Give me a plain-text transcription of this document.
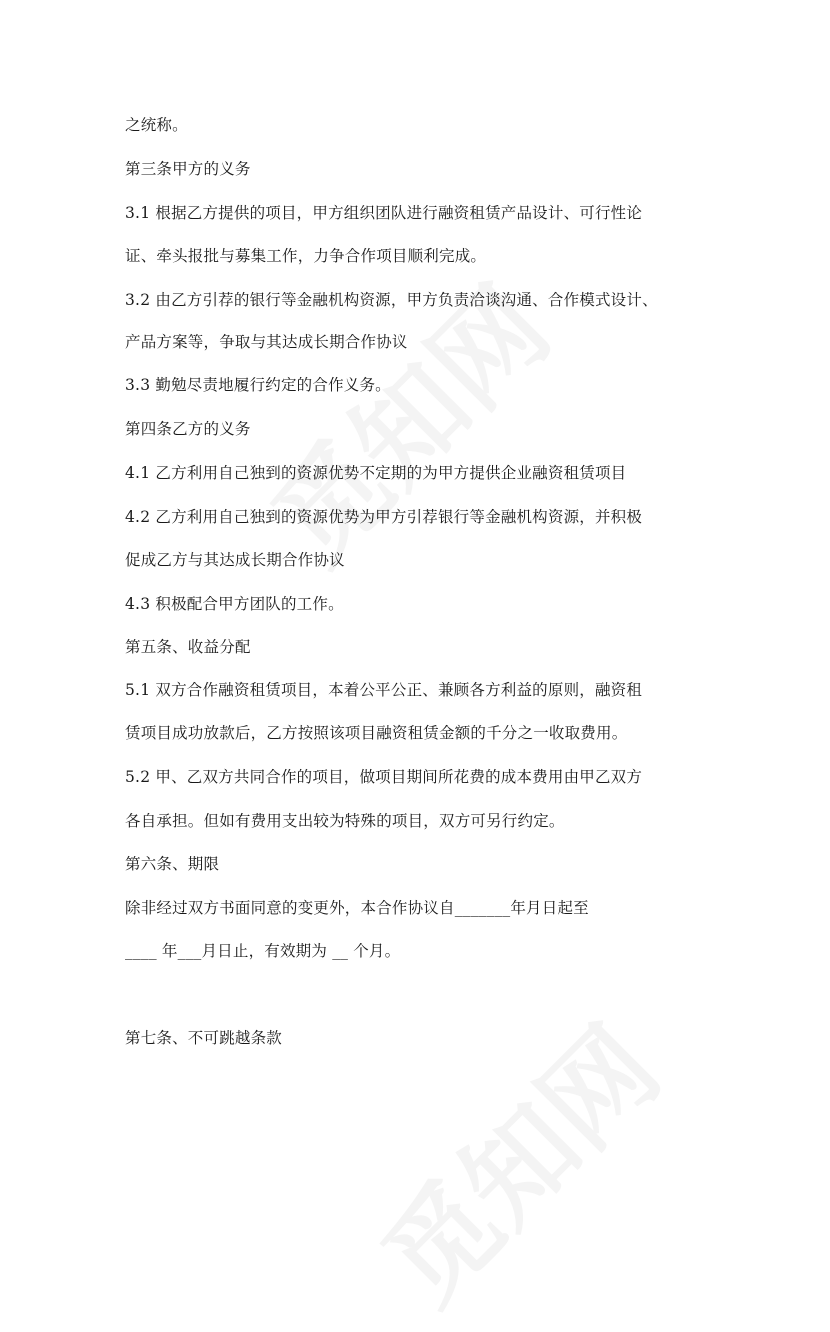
之统称。
第三条甲方的义务
3.1 根据乙方提供的项目，甲方组织团队进行融资租赁产品设计、可行性论
证、牵头报批与募集工作，力争合作项目顺利完成。
3.2 由乙方引荐的银行等金融机构资源，甲方负责洽谈沟通、合作模式设计、
产品方案等，争取与其达成长期合作协议
3.3 勤勉尽责地履行约定的合作义务。
第四条乙方的义务
4.1 乙方利用自己独到的资源优势不定期的为甲方提供企业融资租赁项目
4.2 乙方利用自己独到的资源优势为甲方引荐银行等金融机构资源，并积极
促成乙方与其达成长期合作协议
4.3 积极配合甲方团队的工作。
第五条、收益分配
5.1 双方合作融资租赁项目，本着公平公正、兼顾各方利益的原则，融资租
赁项目成功放款后，乙方按照该项目融资租赁金额的千分之一收取费用。
5.2 甲、乙双方共同合作的项目，做项目期间所花费的成本费用由甲乙双方
各自承担。但如有费用支出较为特殊的项目，双方可另行约定。
第六条、期限
除非经过双方书面同意的变更外，本合作协议自_______年月日起至
____ 年___月日止，有效期为 __ 个月。
第七条、不可跳越条款
